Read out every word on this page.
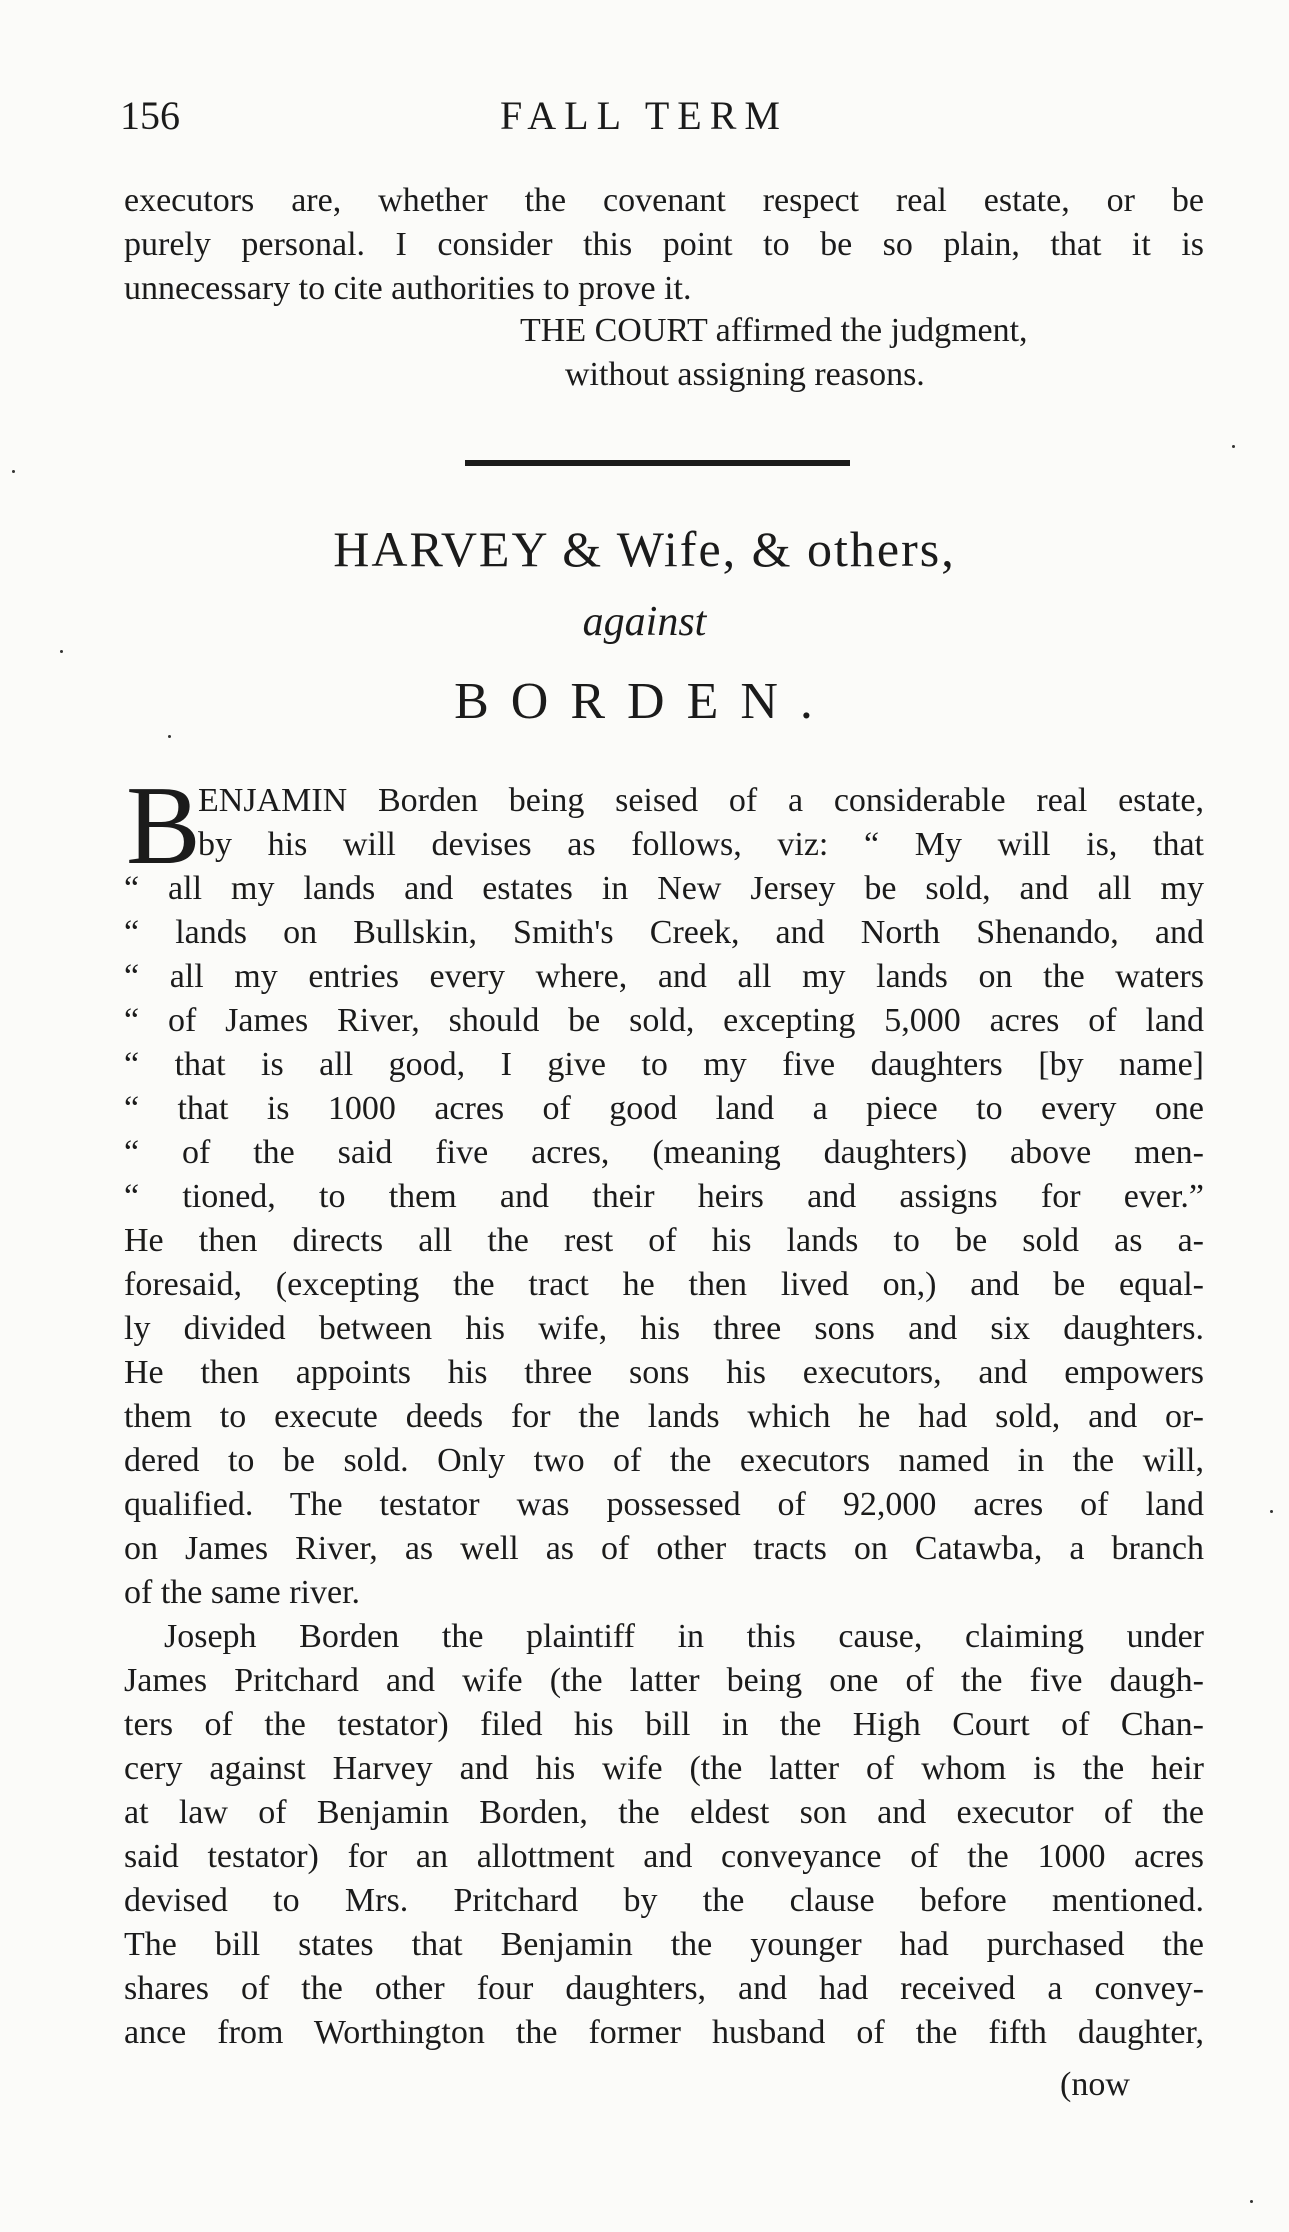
156	FALL TERM
executors are, whether the covenant respect real estate, or be
purely personal. I consider this point to be so plain, that it is
unnecessary to cite authorities to prove it.
THE COURT affirmed the judgment,
without assigning reasons.
HARVEY & Wife, & others,
against
BORDEN.
B
ENJAMIN Borden being seised of a considerable real estate,
by his will devises as follows, viz: “ My will is, that
“ all my lands and estates in New Jersey be sold, and all my
“ lands on Bullskin, Smith's Creek, and North Shenando, and
“ all my entries every where, and all my lands on the waters
“ of James River, should be sold, excepting 5,000 acres of land
“ that is all good, I give to my five daughters [by name]
“ that is 1000 acres of good land a piece to every one
“ of the said five acres, (meaning daughters) above men-
“ tioned, to them and their heirs and assigns for ever.”
He then directs all the rest of his lands to be sold as a-
foresaid, (excepting the tract he then lived on,) and be equal-
ly divided between his wife, his three sons and six daughters.
He then appoints his three sons his executors, and empowers
them to execute deeds for the lands which he had sold, and or-
dered to be sold. Only two of the executors named in the will,
qualified. The testator was possessed of 92,000 acres of land
on James River, as well as of other tracts on Catawba, a branch
of the same river.
Joseph Borden the plaintiff in this cause, claiming under
James Pritchard and wife (the latter being one of the five daugh-
ters of the testator) filed his bill in the High Court of Chan-
cery against Harvey and his wife (the latter of whom is the heir
at law of Benjamin Borden, the eldest son and executor of the
said testator) for an allottment and conveyance of the 1000 acres
devised to Mrs. Pritchard by the clause before mentioned.
The bill states that Benjamin the younger had purchased the
shares of the other four daughters, and had received a convey-
ance from Worthington the former husband of the fifth daughter,
(now
